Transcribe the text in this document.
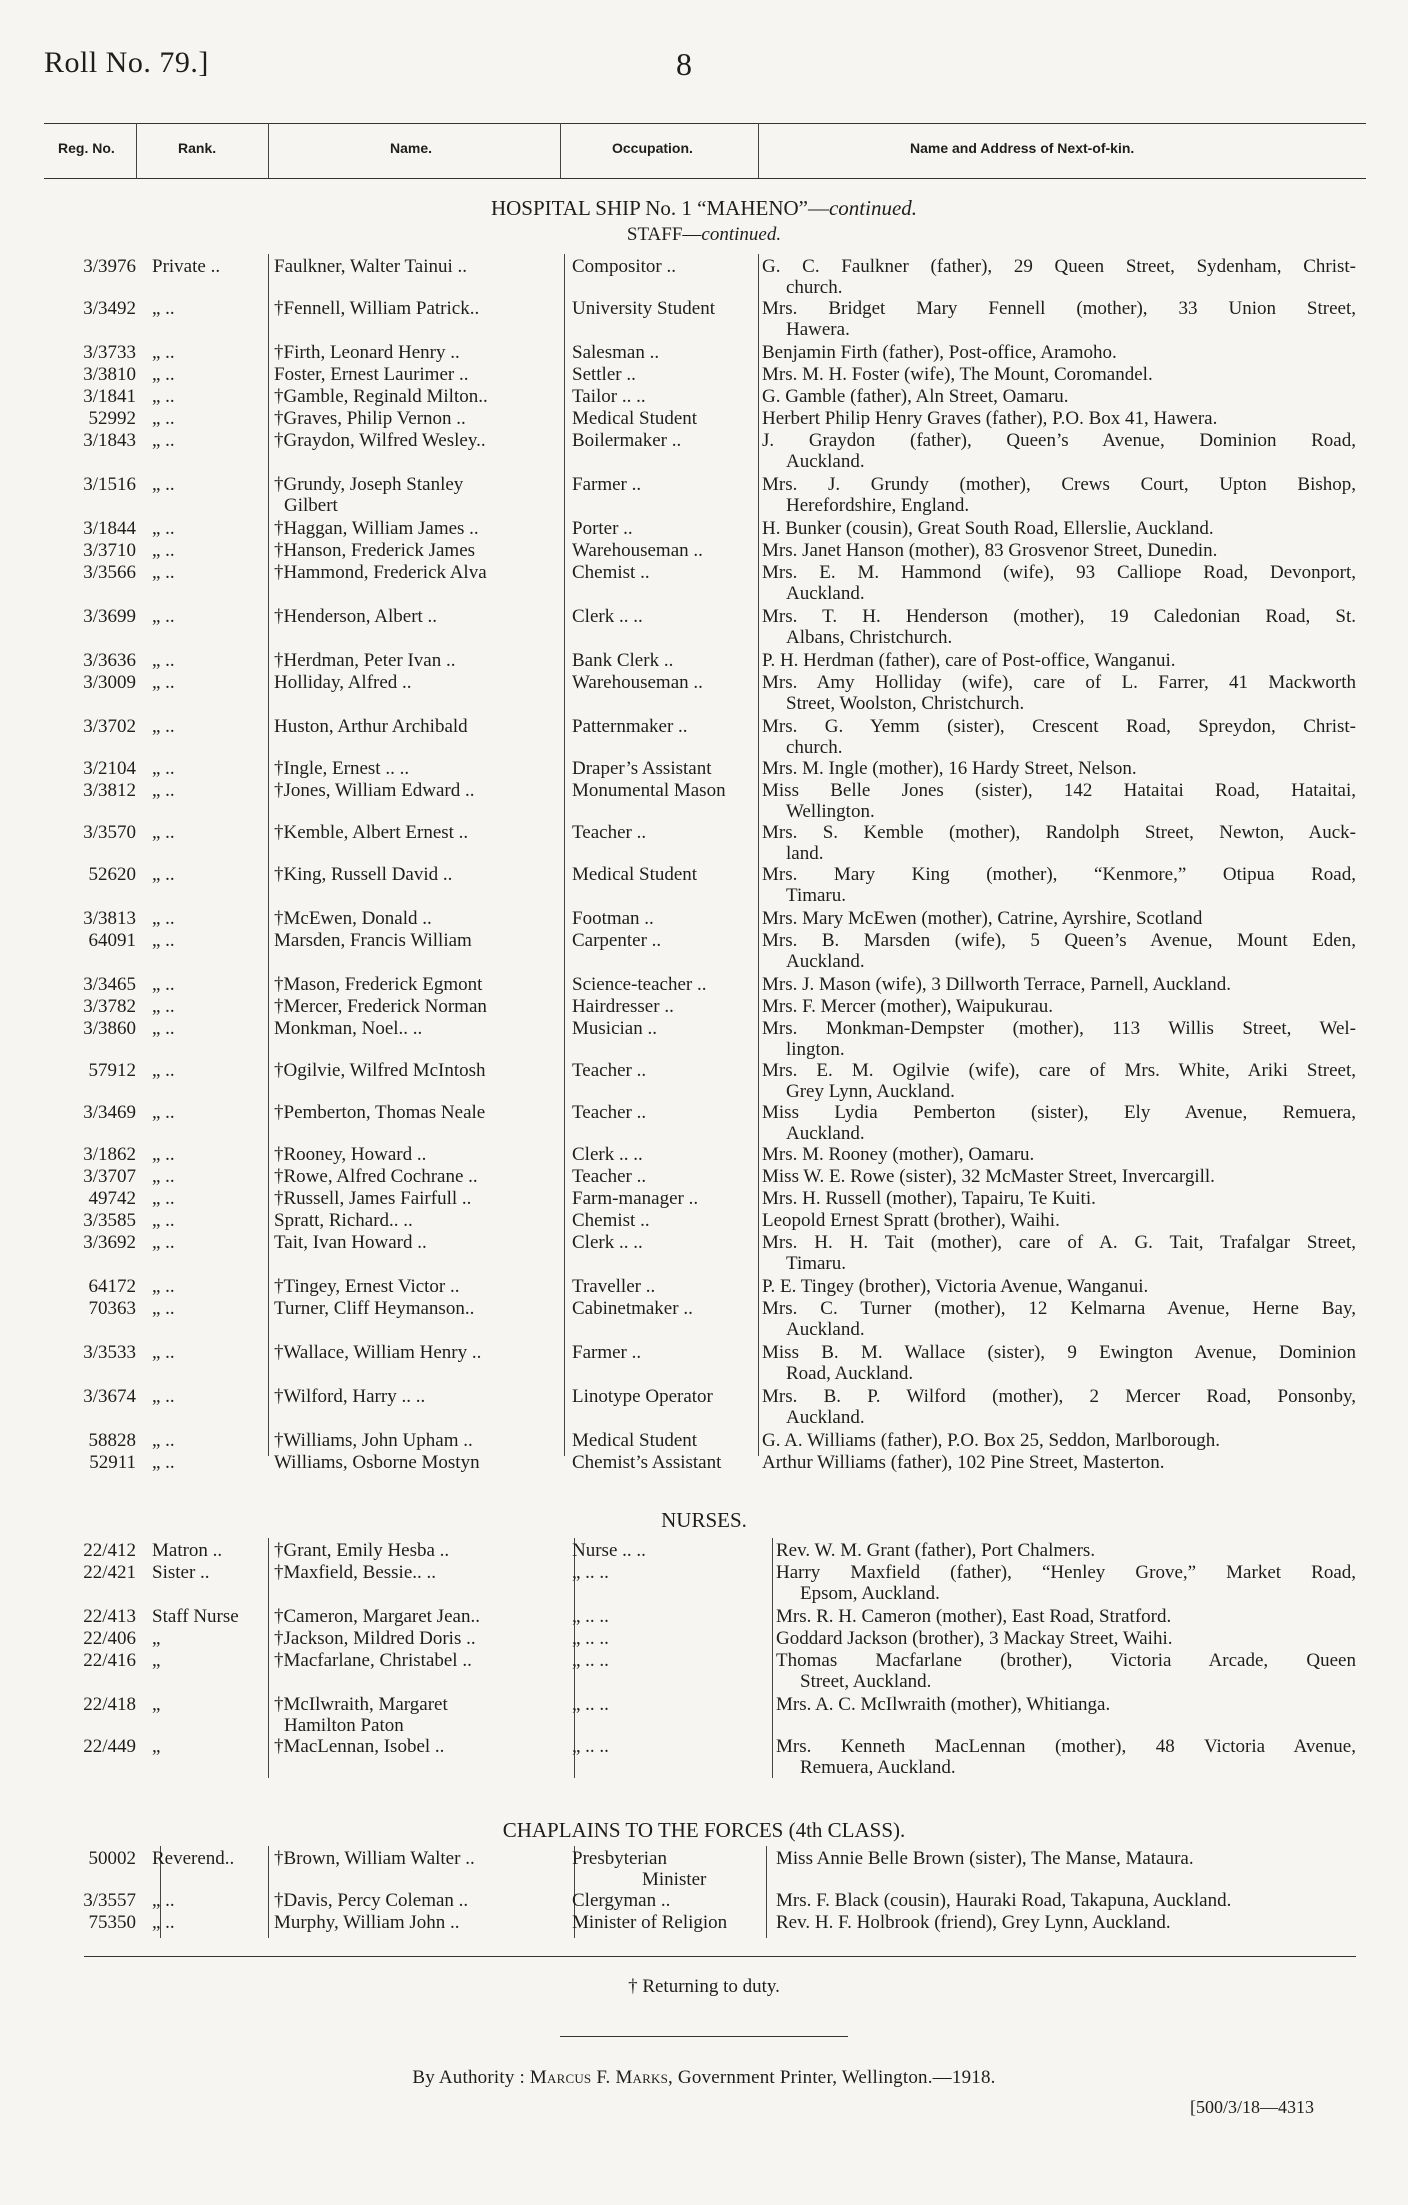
Roll No. 79.]	8
Reg. No.	Rank.	Name.	Occupation.	Name and Address of Next-of-kin.
HOSPITAL SHIP No. 1 “MAHENO”—continued.
STAFF—continued.
3/3976 Private ..	Faulkner, Walter Tainui ..	Compositor ..	G. C. Faulkner (father), 29 Queen Street, Sydenham, Christ-
church.
3/3492 „ ..	†Fennell, William Patrick..	University Student	Mrs. Bridget Mary Fennell (mother), 33 Union Street,
Hawera.
3/3733 „ ..	†Firth, Leonard Henry ..	Salesman ..	Benjamin Firth (father), Post-office, Aramoho.
3/3810 „ ..	Foster, Ernest Laurimer ..	Settler ..	Mrs. M. H. Foster (wife), The Mount, Coromandel.
3/1841 „ ..	†Gamble, Reginald Milton..	Tailor .. ..	G. Gamble (father), Aln Street, Oamaru.
52992 „ ..	†Graves, Philip Vernon ..	Medical Student	Herbert Philip Henry Graves (father), P.O. Box 41, Hawera.
3/1843 „ ..	†Graydon, Wilfred Wesley..	Boilermaker ..	J. Graydon (father), Queen’s Avenue, Dominion Road,
Auckland.
3/1516 „ ..	†Grundy, Joseph Stanley
Gilbert
Farmer ..	Mrs. J. Grundy (mother), Crews Court, Upton Bishop,
Herefordshire, England.
3/1844 „ ..	†Haggan, William James ..	Porter ..	H. Bunker (cousin), Great South Road, Ellerslie, Auckland.
3/3710 „ ..	†Hanson, Frederick James	Warehouseman ..	Mrs. Janet Hanson (mother), 83 Grosvenor Street, Dunedin.
3/3566 „ ..	†Hammond, Frederick Alva	Chemist ..	Mrs. E. M. Hammond (wife), 93 Calliope Road, Devonport,
Auckland.
3/3699 „ ..	†Henderson, Albert ..	Clerk .. ..	Mrs. T. H. Henderson (mother), 19 Caledonian Road, St.
Albans, Christchurch.
3/3636 „ ..	†Herdman, Peter Ivan ..	Bank Clerk ..	P. H. Herdman (father), care of Post-office, Wanganui.
3/3009 „ ..	Holliday, Alfred ..	Warehouseman ..	Mrs. Amy Holliday (wife), care of L. Farrer, 41 Mackworth
Street, Woolston, Christchurch.
3/3702 „ ..	Huston, Arthur Archibald	Patternmaker ..	Mrs. G. Yemm (sister), Crescent Road, Spreydon, Christ-
church.
3/2104 „ ..	†Ingle, Ernest .. ..	Draper’s Assistant	Mrs. M. Ingle (mother), 16 Hardy Street, Nelson.
3/3812 „ ..	†Jones, William Edward ..	Monumental Mason	Miss Belle Jones (sister), 142 Hataitai Road, Hataitai,
Wellington.
3/3570 „ ..	†Kemble, Albert Ernest ..	Teacher ..	Mrs. S. Kemble (mother), Randolph Street, Newton, Auck-
land.
52620 „ ..	†King, Russell David ..	Medical Student	Mrs. Mary King (mother), “Kenmore,” Otipua Road,
Timaru.
3/3813 „ ..	†McEwen, Donald ..	Footman ..	Mrs. Mary McEwen (mother), Catrine, Ayrshire, Scotland
64091 „ ..	Marsden, Francis William	Carpenter ..	Mrs. B. Marsden (wife), 5 Queen’s Avenue, Mount Eden,
Auckland.
3/3465 „ ..	†Mason, Frederick Egmont	Science-teacher ..	Mrs. J. Mason (wife), 3 Dillworth Terrace, Parnell, Auckland.
3/3782 „ ..	†Mercer, Frederick Norman	Hairdresser ..	Mrs. F. Mercer (mother), Waipukurau.
3/3860 „ ..	Monkman, Noel.. ..	Musician ..	Mrs. Monkman-Dempster (mother), 113 Willis Street, Wel-
lington.
57912 „ ..	†Ogilvie, Wilfred McIntosh	Teacher ..	Mrs. E. M. Ogilvie (wife), care of Mrs. White, Ariki Street,
Grey Lynn, Auckland.
3/3469 „ ..	†Pemberton, Thomas Neale	Teacher ..	Miss Lydia Pemberton (sister), Ely Avenue, Remuera,
Auckland.
3/1862 „ ..	†Rooney, Howard ..	Clerk .. ..	Mrs. M. Rooney (mother), Oamaru.
3/3707 „ ..	†Rowe, Alfred Cochrane ..	Teacher ..	Miss W. E. Rowe (sister), 32 McMaster Street, Invercargill.
49742 „ ..	†Russell, James Fairfull ..	Farm-manager ..	Mrs. H. Russell (mother), Tapairu, Te Kuiti.
3/3585 „ ..	Spratt, Richard.. ..	Chemist ..	Leopold Ernest Spratt (brother), Waihi.
3/3692 „ ..	Tait, Ivan Howard ..	Clerk .. ..	Mrs. H. H. Tait (mother), care of A. G. Tait, Trafalgar Street,
Timaru.
64172 „ ..	†Tingey, Ernest Victor ..	Traveller ..	P. E. Tingey (brother), Victoria Avenue, Wanganui.
70363 „ ..	Turner, Cliff Heymanson..	Cabinetmaker ..	Mrs. C. Turner (mother), 12 Kelmarna Avenue, Herne Bay,
Auckland.
3/3533 „ ..	†Wallace, William Henry ..	Farmer ..	Miss B. M. Wallace (sister), 9 Ewington Avenue, Dominion
Road, Auckland.
3/3674 „ ..	†Wilford, Harry .. ..	Linotype Operator	Mrs. B. P. Wilford (mother), 2 Mercer Road, Ponsonby,
Auckland.
58828 „ ..	†Williams, John Upham ..	Medical Student	G. A. Williams (father), P.O. Box 25, Seddon, Marlborough.
52911 „ ..	Williams, Osborne Mostyn	Chemist’s Assistant	Arthur Williams (father), 102 Pine Street, Masterton.
NURSES.
22/412 Matron ..	†Grant, Emily Hesba ..	Nurse .. ..	Rev. W. M. Grant (father), Port Chalmers.
22/421 Sister ..	†Maxfield, Bessie.. ..	„ .. ..	Harry Maxfield (father), “Henley Grove,” Market Road,
Epsom, Auckland.
22/413 Staff Nurse	†Cameron, Margaret Jean..	„ .. ..	Mrs. R. H. Cameron (mother), East Road, Stratford.
22/406 „	†Jackson, Mildred Doris ..	„ .. ..	Goddard Jackson (brother), 3 Mackay Street, Waihi.
22/416 „	†Macfarlane, Christabel ..	„ .. ..	Thomas Macfarlane (brother), Victoria Arcade, Queen
Street, Auckland.
22/418 „	†McIlwraith, Margaret
Hamilton Paton
„ .. ..	Mrs. A. C. McIlwraith (mother), Whitianga.
22/449 „	†MacLennan, Isobel ..	„ .. ..	Mrs. Kenneth MacLennan (mother), 48 Victoria Avenue,
Remuera, Auckland.
CHAPLAINS TO THE FORCES (4th CLASS).
50002 Reverend..	†Brown, William Walter ..	Presbyterian
Minister
Miss Annie Belle Brown (sister), The Manse, Mataura.
3/3557 „ ..	†Davis, Percy Coleman ..	Clergyman ..	Mrs. F. Black (cousin), Hauraki Road, Takapuna, Auckland.
75350 „ ..	Murphy, William John ..	Minister of Religion	Rev. H. F. Holbrook (friend), Grey Lynn, Auckland.
† Returning to duty.
By Authority : Marcus F. Marks, Government Printer, Wellington.—1918.
[500/3/18—4313
